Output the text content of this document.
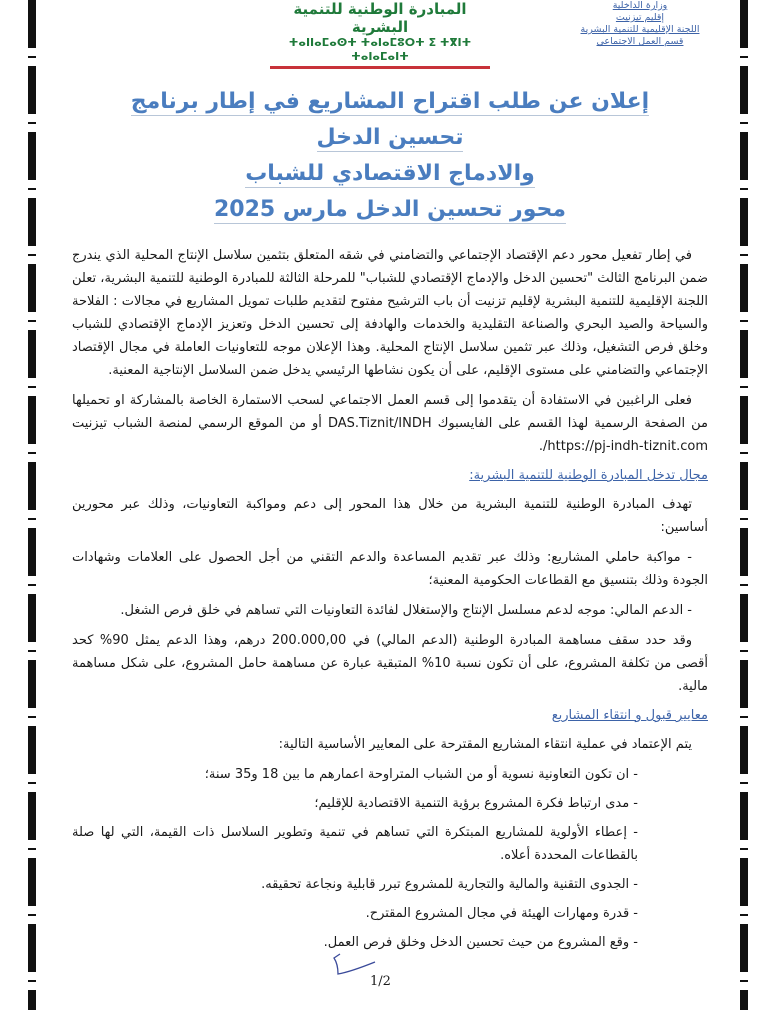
المبادرة الوطنية للتنمية البشرية
ⵜⴰⵏⵏⴰⵎⴰⵙⵜ ⵜⴰⵏⴰⵎⵓⵔⵜ ⵉ ⵜⴳⵏⵜ ⵜⴰⵏⴰⵎⴰⵏⵜ
وزارة الداخلية
إقليم تيزنيت
اللجنة الإقليمية للتنمية البشرية
قسم العمل الاجتماعي
إعلان عن طلب اقتراح المشاريع في إطار برنامج تحسين الدخل
والادماج الاقتصادي للشباب
محور تحسين الدخل مارس 2025
في إطار تفعيل محور دعم الإقتصاد الإجتماعي والتضامني في شقه المتعلق بتثمين سلاسل الإنتاج المحلية الذي يندرج ضمن البرنامج الثالث "تحسين الدخل والإدماج الإقتصادي للشباب" للمرحلة الثالثة للمبادرة الوطنية للتنمية البشرية، تعلن اللجنة الإقليمية للتنمية البشرية لإقليم تزنيت أن باب الترشيح مفتوح لتقديم طلبات تمويل المشاريع في مجالات : الفلاحة والسياحة والصيد البحري والصناعة التقليدية والخدمات والهادفة إلى تحسين الدخل وتعزيز الإدماج الإقتصادي للشباب وخلق فرص التشغيل، وذلك عبر تثمين سلاسل الإنتاج المحلية. وهذا الإعلان موجه للتعاونيات العاملة في مجال الإقتصاد الإجتماعي والتضامني على مستوى الإقليم، على أن يكون نشاطها الرئيسي يدخل ضمن السلاسل الإنتاجية المعنية.
فعلى الراغبين في الاستفادة أن يتقدموا إلى قسم العمل الاجتماعي لسحب الاستمارة الخاصة بالمشاركة او تحميلها من الصفحة الرسمية لهذا القسم على الفايسبوك DAS.Tiznit/INDH أو من الموقع الرسمي لمنصة الشباب تيزنيت https://pj-indh-tiznit.com/.
مجال تدخل المبادرة الوطنية للتنمية البشرية:
تهدف المبادرة الوطنية للتنمية البشرية من خلال هذا المحور إلى دعم ومواكبة التعاونيات، وذلك عبر محورين أساسين:
- مواكبة حاملي المشاريع: وذلك عبر تقديم المساعدة والدعم التقني من أجل الحصول على العلامات وشهادات الجودة وذلك بتنسيق مع القطاعات الحكومية المعنية؛
- الدعم المالي: موجه لدعم مسلسل الإنتاج والإستغلال لفائدة التعاونيات التي تساهم في خلق فرص الشغل.
وقد حدد سقف مساهمة المبادرة الوطنية (الدعم المالي) في 200.000,00 درهم، وهذا الدعم يمثل 90% كحد أقصى من تكلفة المشروع، على أن تكون نسبة 10% المتبقية عبارة عن مساهمة حامل المشروع، على شكل مساهمة مالية.
معايير قبول و انتقاء المشاريع
يتم الإعتماد في عملية انتقاء المشاريع المقترحة على المعايير الأساسية التالية:
- ان تكون التعاونية نسوية أو من الشباب المتراوحة اعمارهم ما بين 18 و35 سنة؛
- مدى ارتباط فكرة المشروع برؤية التنمية الاقتصادية للإقليم؛
- إعطاء الأولوية للمشاريع المبتكرة التي تساهم في تنمية وتطوير السلاسل ذات القيمة، التي لها صلة بالقطاعات المحددة أعلاه.
- الجدوى التقنية والمالية والتجارية للمشروع تبرر قابلية ونجاعة تحقيقه.
- قدرة ومهارات الهيئة في مجال المشروع المقترح.
- وقع المشروع من حيث تحسين الدخل وخلق فرص العمل.
1/2
